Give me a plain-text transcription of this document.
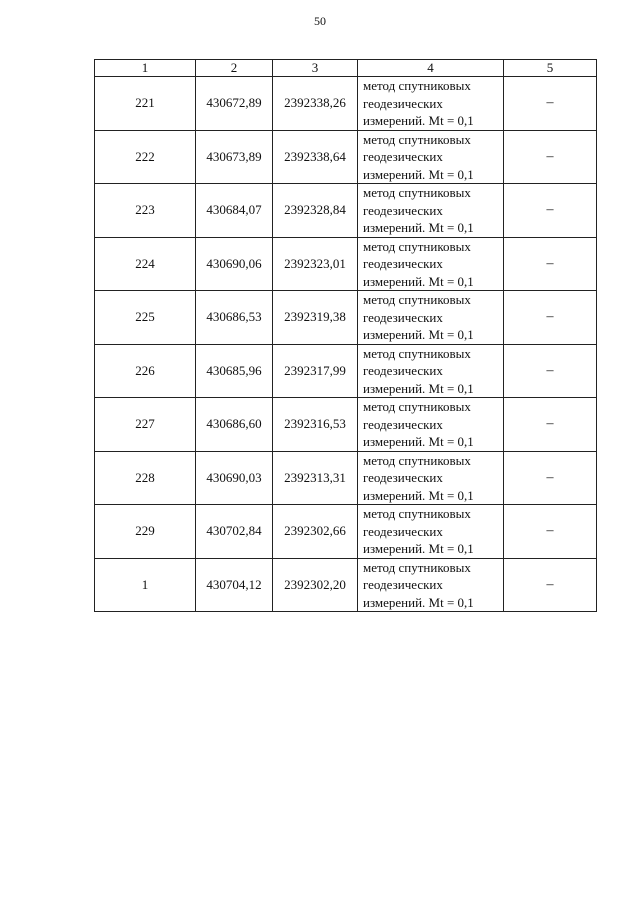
50
1	2	3	4	5
221	430672,89	2392338,26	метод спутниковых
геодезических
измерений. Mt = 0,1	–
222	430673,89	2392338,64	метод спутниковых
геодезических
измерений. Mt = 0,1	–
223	430684,07	2392328,84	метод спутниковых
геодезических
измерений. Mt = 0,1	–
224	430690,06	2392323,01	метод спутниковых
геодезических
измерений. Mt = 0,1	–
225	430686,53	2392319,38	метод спутниковых
геодезических
измерений. Mt = 0,1	–
226	430685,96	2392317,99	метод спутниковых
геодезических
измерений. Mt = 0,1	–
227	430686,60	2392316,53	метод спутниковых
геодезических
измерений. Mt = 0,1	–
228	430690,03	2392313,31	метод спутниковых
геодезических
измерений. Mt = 0,1	–
229	430702,84	2392302,66	метод спутниковых
геодезических
измерений. Mt = 0,1	–
1	430704,12	2392302,20	метод спутниковых
геодезических
измерений. Mt = 0,1	–
